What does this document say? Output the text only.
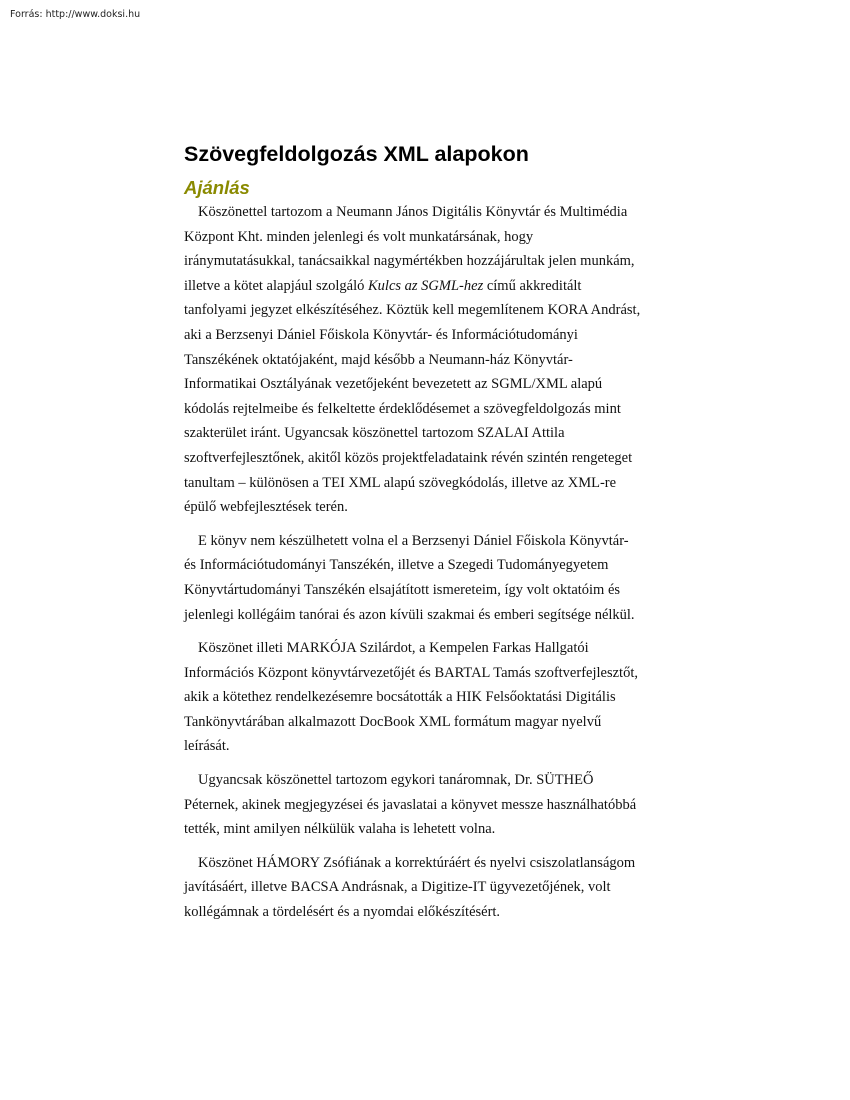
Forrás: http://www.doksi.hu

Szövegfeldolgozás XML alapokon
Ajánlás

Köszönettel tartozom a Neumann János Digitális Könyvtár és Multimédia
Központ Kht. minden jelenlegi és volt munkatársának, hogy
iránymutatásukkal, tanácsaikkal nagymértékben hozzájárultak jelen munkám,
illetve a kötet alapjául szolgáló Kulcs az SGML-hez című akkreditált
tanfolyami jegyzet elkészítéséhez. Köztük kell megemlítenem KORA Andrást,
aki a Berzsenyi Dániel Főiskola Könyvtár- és Információtudományi
Tanszékének oktatójaként, majd később a Neumann-ház Könyvtár-
Informatikai Osztályának vezetőjeként bevezetett az SGML/XML alapú
kódolás rejtelmeibe és felkeltette érdeklődésemet a szövegfeldolgozás mint
szakterület iránt. Ugyancsak köszönettel tartozom SZALAI Attila
szoftverfejlesztőnek, akitől közös projektfeladataink révén szintén rengeteget
tanultam – különösen a TEI XML alapú szövegkódolás, illetve az XML-re
épülő webfejlesztések terén.

E könyv nem készülhetett volna el a Berzsenyi Dániel Főiskola Könyvtár-
és Információtudományi Tanszékén, illetve a Szegedi Tudományegyetem
Könyvtártudományi Tanszékén elsajátított ismereteim, így volt oktatóim és
jelenlegi kollégáim tanórai és azon kívüli szakmai és emberi segítsége nélkül.

Köszönet illeti MARKÓJA Szilárdot, a Kempelen Farkas Hallgatói
Információs Központ könyvtárvezetőjét és BARTAL Tamás szoftverfejlesztőt,
akik a kötethez rendelkezésemre bocsátották a HIK Felsőoktatási Digitális
Tankönyvtárában alkalmazott DocBook XML formátum magyar nyelvű
leírását.

Ugyancsak köszönettel tartozom egykori tanáromnak, Dr. SÜTHEŐ
Péternek, akinek megjegyzései és javaslatai a könyvet messze használhatóbbá
tették, mint amilyen nélkülük valaha is lehetett volna.

Köszönet HÁMORY Zsófiának a korrektúráért és nyelvi csiszolatlanságom
javításáért, illetve BACSA Andrásnak, a Digitize-IT ügyvezetőjének, volt
kollégámnak a tördelésért és a nyomdai előkészítésért.
